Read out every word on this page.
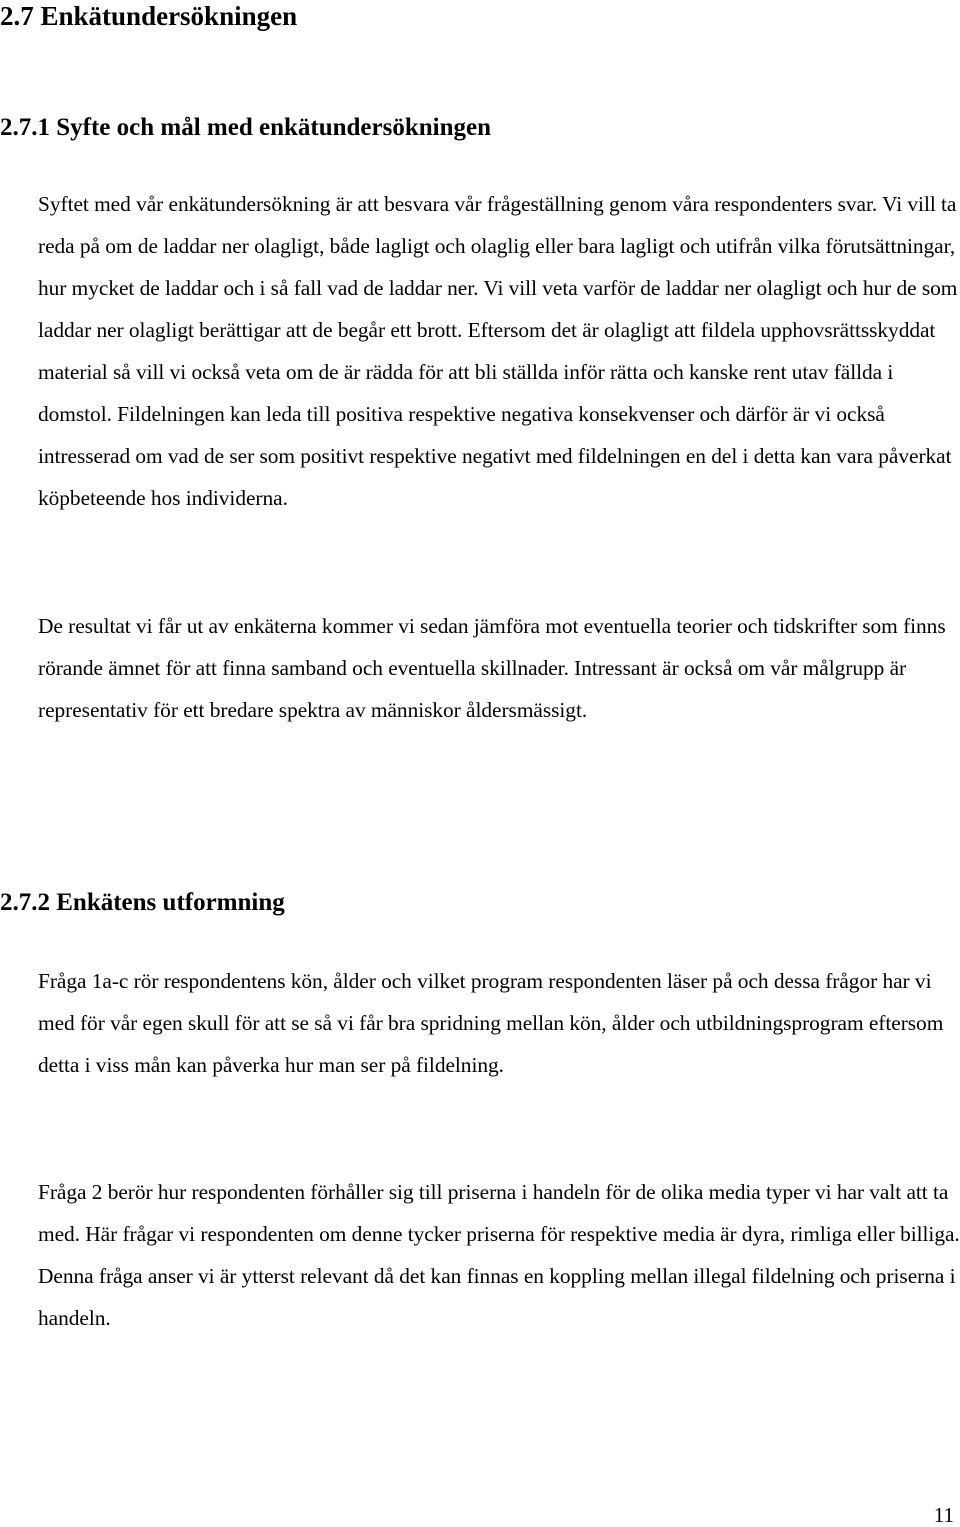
2.7 Enkätundersökningen
2.7.1 Syfte och mål med enkätundersökningen

Syftet med vår enkätundersökning är att besvara vår frågeställning genom våra respondenters svar. Vi vill ta reda på om de laddar ner olagligt, både lagligt och olaglig eller bara lagligt och utifrån vilka förutsättningar, hur mycket de laddar och i så fall vad de laddar ner. Vi vill veta varför de laddar ner olagligt och hur de som laddar ner olagligt berättigar att de begår ett brott. Eftersom det är olagligt att fildela upphovsrättsskyddat material så vill vi också veta om de är rädda för att bli ställda inför rätta och kanske rent utav fällda i domstol. Fildelningen kan leda till positiva respektive negativa konsekvenser och därför är vi också intresserad om vad de ser som positivt respektive negativt med fildelningen en del i detta kan vara påverkat köpbeteende hos individerna.

De resultat vi får ut av enkäterna kommer vi sedan jämföra mot eventuella teorier och tidskrifter som finns rörande ämnet för att finna samband och eventuella skillnader. Intressant är också om vår målgrupp är representativ för ett bredare spektra av människor åldersmässigt.

2.7.2 Enkätens utformning

Fråga 1a-c rör respondentens kön, ålder och vilket program respondenten läser på och dessa frågor har vi med för vår egen skull för att se så vi får bra spridning mellan kön, ålder och utbildningsprogram eftersom detta i viss mån kan påverka hur man ser på fildelning.

Fråga 2 berör hur respondenten förhåller sig till priserna i handeln för de olika media typer vi har valt att ta med. Här frågar vi respondenten om denne tycker priserna för respektive media är dyra, rimliga eller billiga. Denna fråga anser vi är ytterst relevant då det kan finnas en koppling mellan illegal fildelning och priserna i handeln.

11
